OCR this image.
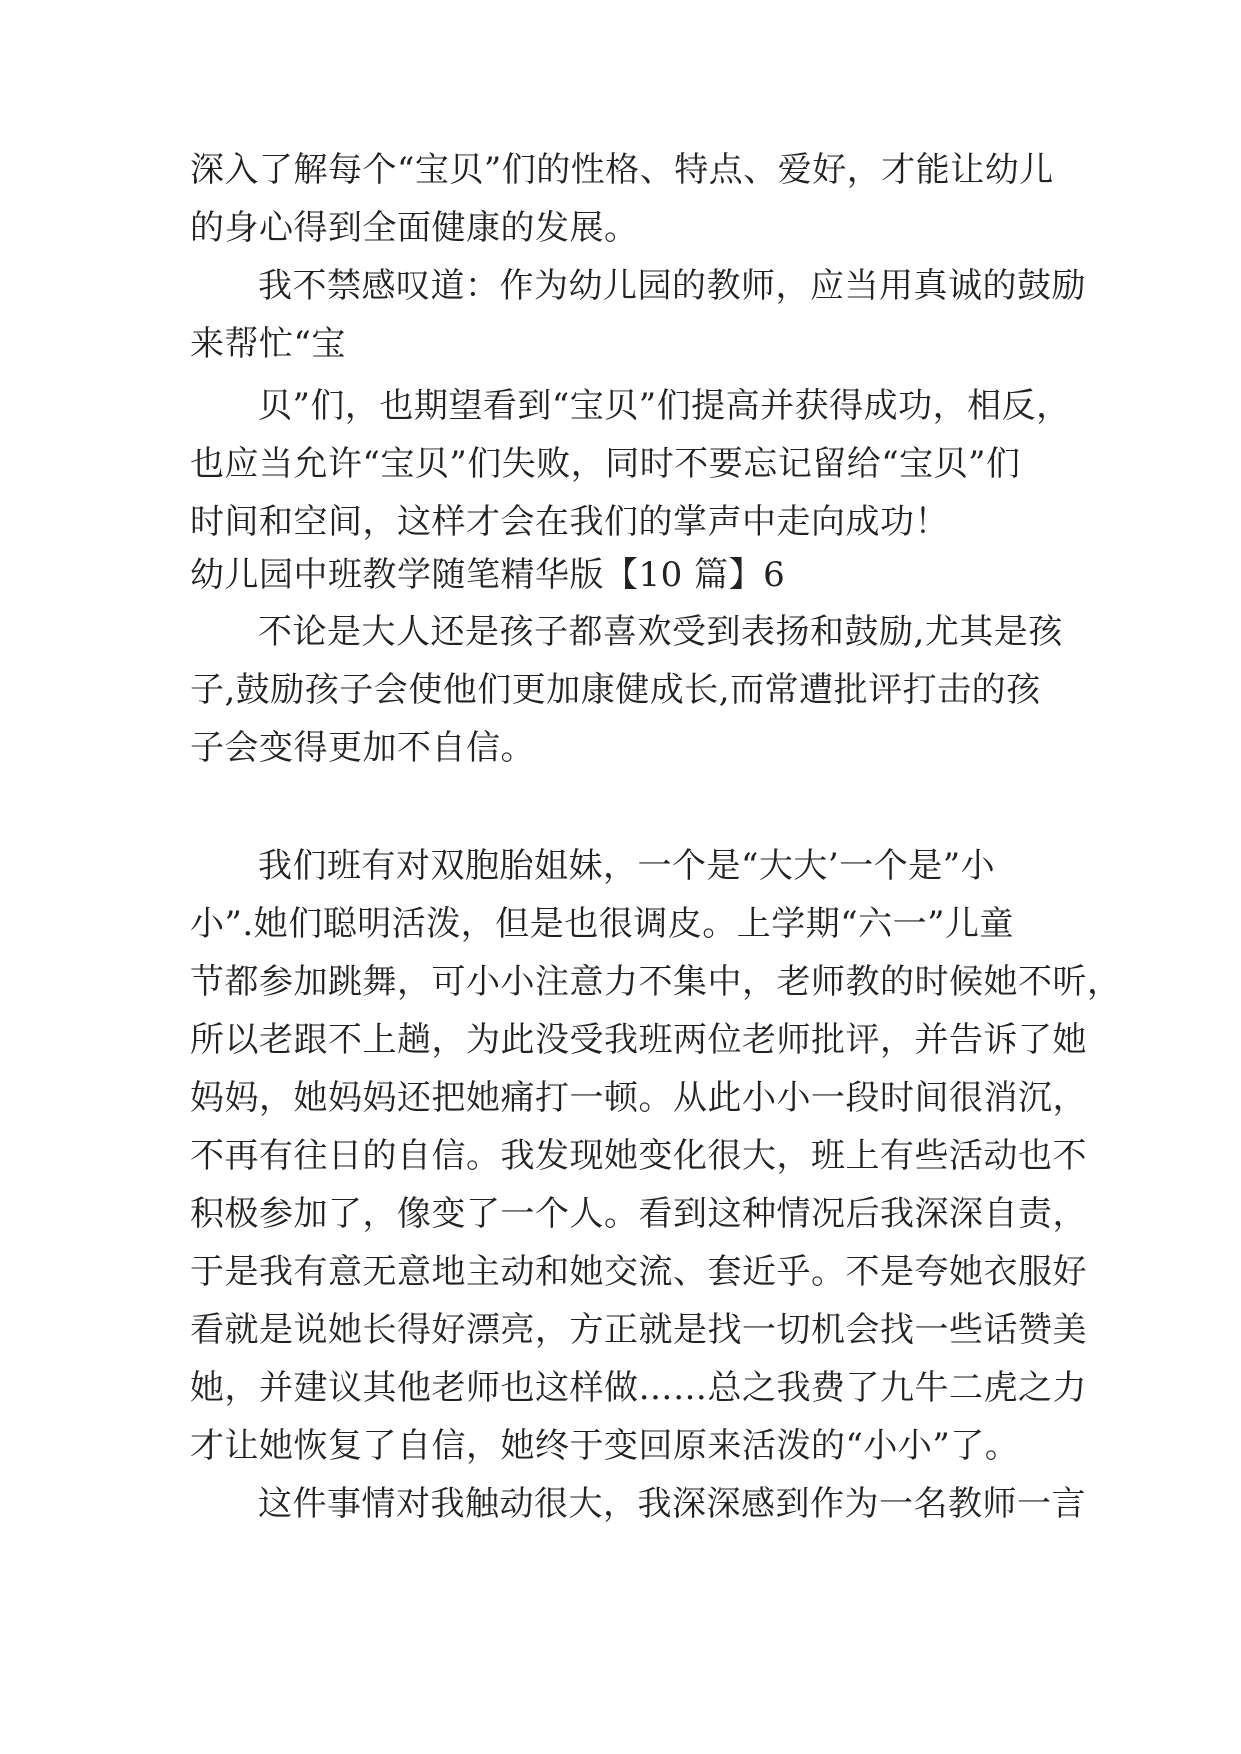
深入了解每个“宝贝”们的性格、特点、爱好，才能让幼儿
的身心得到全面健康的发展。
我不禁感叹道：作为幼儿园的教师，应当用真诚的鼓励
来帮忙“宝
贝”们，也期望看到“宝贝”们提高并获得成功，相反，
也应当允许“宝贝”们失败，同时不要忘记留给“宝贝”们
时间和空间，这样才会在我们的掌声中走向成功！
幼儿园中班教学随笔精华版【10 篇】6
不论是大人还是孩子都喜欢受到表扬和鼓励,尤其是孩
子,鼓励孩子会使他们更加康健成长,而常遭批评打击的孩
子会变得更加不自信。
我们班有对双胞胎姐妹，一个是“大大’一个是”小
小”.她们聪明活泼，但是也很调皮。上学期“六一”儿童
节都参加跳舞，可小小注意力不集中，老师教的时候她不听，
所以老跟不上趟，为此没受我班两位老师批评，并告诉了她
妈妈，她妈妈还把她痛打一顿。从此小小一段时间很消沉，
不再有往日的自信。我发现她变化很大，班上有些活动也不
积极参加了，像变了一个人。看到这种情况后我深深自责，
于是我有意无意地主动和她交流、套近乎。不是夸她衣服好
看就是说她长得好漂亮，方正就是找一切机会找一些话赞美
她，并建议其他老师也这样做……总之我费了九牛二虎之力
才让她恢复了自信，她终于变回原来活泼的“小小”了。
这件事情对我触动很大，我深深感到作为一名教师一言
